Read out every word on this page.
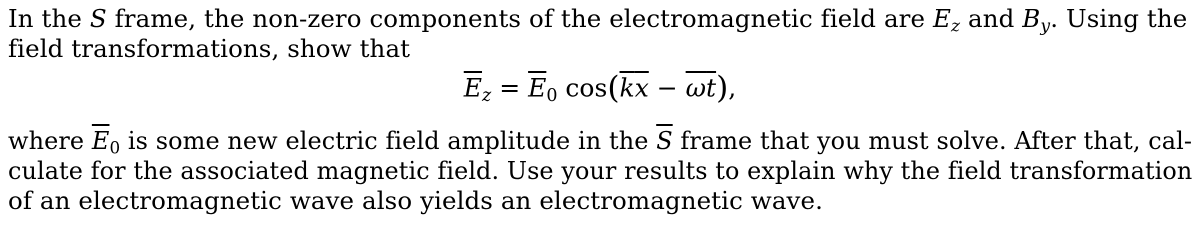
In the S frame, the non-zero components of the electromagnetic field are $E_z$ and $B_y$. Using the
field transformations, show that
$\overline{E}_z = \overline{E}_0$ $\cos(\overline{k}\overline{x} - \overline{\omega}\overline{t})$,
where $\overline{E}_0$ is some new electric field amplitude in the $\overline{S}$ frame that you must solve. After that, cal-
culate for the associated magnetic field. Use your results to explain why the field transformation
of an electromagnetic wave also yields an electromagnetic wave.
